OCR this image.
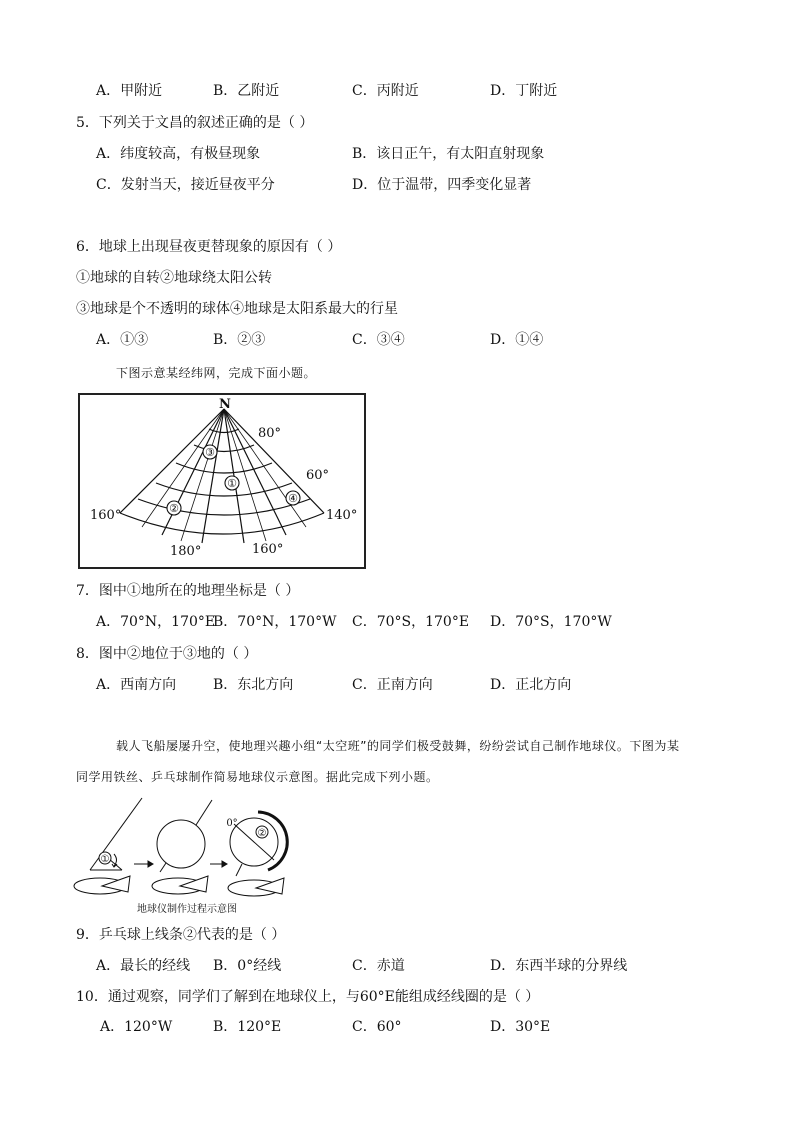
A．甲附近	B．乙附近	C．丙附近	D．丁附近
5．下列关于文昌的叙述正确的是（ ）
A．纬度较高，有极昼现象	B．该日正午，有太阳直射现象
C．发射当天，接近昼夜平分	D．位于温带，四季变化显著
6．地球上出现昼夜更替现象的原因有（ ）
①地球的自转②地球绕太阳公转
③地球是个不透明的球体④地球是太阳系最大的行星
A．①③	B．②③	C．③④	D．①④
下图示意某经纬网，完成下面小题。
①
②
③
④
N
80°
60°
160°	140°
180°	160°
7．图中①地所在的地理坐标是（ ）
A．70°N，170°E
B．70°N，170°W C．70°S，170°E D．70°S，170°W
8．图中②地位于③地的（ ）
A．西南方向	B．东北方向	C．正南方向	D．正北方向
载人飞船屡屡升空，使地理兴趣小组“太空班”的同学们极受鼓舞，纷纷尝试自己制作地球仪。下图为某
同学用铁丝、乒乓球制作简易地球仪示意图。据此完成下列小题。
①
②
0°
地球仪制作过程示意图
9．乒乓球上线条②代表的是（ ）
A．最长的经线 B．0°经线	C．赤道	D．东西半球的分界线
10．通过观察，同学们了解到在地球仪上，与60°E能组成经线圈的是（ ）
A．120°W	B．120°E	C．60°	D．30°E
